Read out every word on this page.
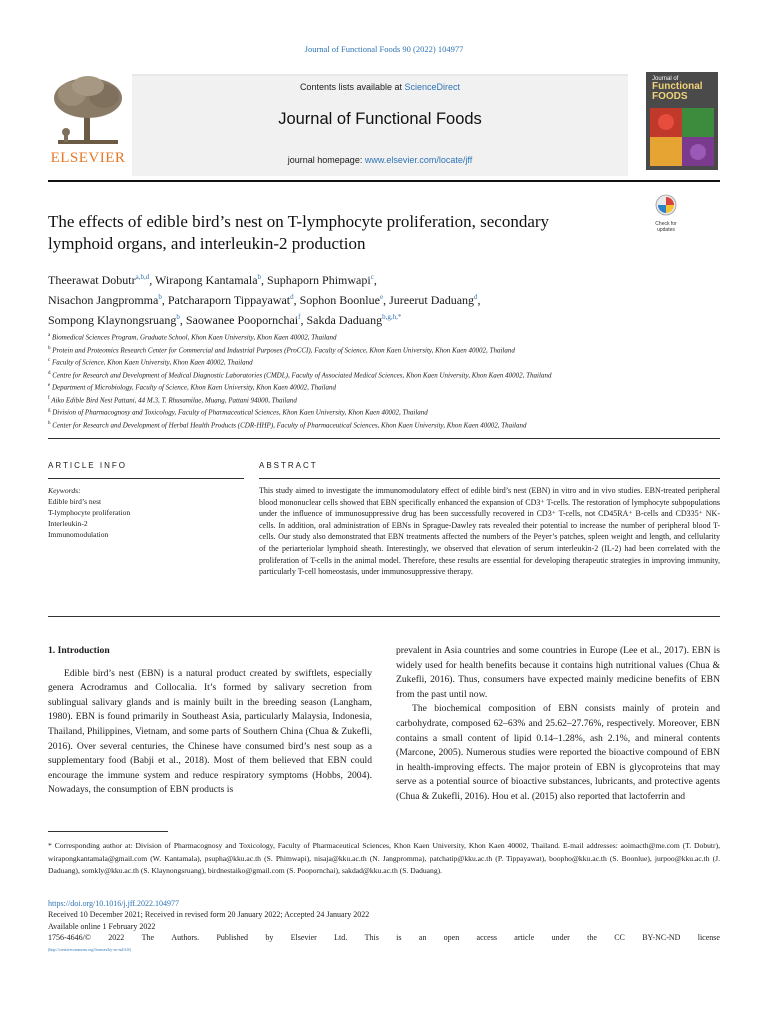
Journal of Functional Foods 90 (2022) 104977
ELSEVIER
Contents lists available at ScienceDirect
Journal of Functional Foods
journal homepage: www.elsevier.com/locate/jff
Journal of
Functional FOODS
The effects of edible bird’s nest on T-lymphocyte proliferation, secondary
lymphoid organs, and interleukin-2 production
Check for updates
Theerawat Dobutr$^{a,b,d}$, Wirapong Kantamala$^b$, Suphaporn Phimwapi$^c$,
Nisachon Jangpromma$^b$, Patcharaporn Tippayawat$^d$, Sophon Boonlue$^e$, Jureerut Daduang$^d$,
Sompong Klaynongsruang$^b$, Saowanee Poopornchai$^f$, Sakda Daduang$^{b,g,h,*}$
$^a$ Biomedical Sciences Program, Graduate School, Khon Kaen University, Khon Kaen 40002, Thailand
$^b$ Protein and Proteomics Research Center for Commercial and Industrial Purposes (ProCCI), Faculty of Science, Khon Kaen University, Khon Kaen 40002, Thailand
$^c$ Faculty of Science, Khon Kaen University, Khon Kaen 40002, Thailand
$^d$ Centre for Research and Development of Medical Diagnostic Laboratories (CMDL), Faculty of Associated Medical Sciences, Khon Kaen University, Khon Kaen 40002, Thailand
$^e$ Department of Microbiology, Faculty of Science, Khon Kaen University, Khon Kaen 40002, Thailand
$^f$ Aiko Edible Bird Nest Pattani, 44 M.3, T. Rhusamilae, Muang, Pattani 94000, Thailand
$^g$ Division of Pharmacognosy and Toxicology, Faculty of Pharmaceutical Sciences, Khon Kaen University, Khon Kaen 40002, Thailand
$^h$ Center for Research and Development of Herbal Health Products (CDR-HHP), Faculty of Pharmaceutical Sciences, Khon Kaen University, Khon Kaen 40002, Thailand
ARTICLE INFO	ABSTRACT
Keywords:
Edible bird’s nest
T-lymphocyte proliferation
Interleukin-2
Immunomodulation
This study aimed to investigate the immunomodulatory effect of edible bird’s nest (EBN) in vitro and in vivo studies. EBN-treated peripheral blood mononuclear cells showed that EBN specifically enhanced the expansion of CD3⁺ T-cells. The restoration of lymphocyte subpopulations under the influence of immunosuppressive drug has been successfully recovered in CD3⁺ T-cells, not CD45RA⁺ B-cells and CD335⁺ NK-cells. In addition, oral administration of EBNs in Sprague-Dawley rats revealed their potential to increase the number of peripheral blood T-cells. Our study also demonstrated that EBN treatments affected the numbers of the Peyer’s patches, spleen weight and length, and cellularity of the periarteriolar lymphoid sheath. Interestingly, we observed that elevation of serum interleukin-2 (IL-2) had been correlated with the proliferation of T-cells in the animal model. Therefore, these results are essential for developing therapeutic strategies in improving immunity, particularly T-cell homeostasis, under immunosuppressive therapy.
1. Introduction

Edible bird’s nest (EBN) is a natural product created by swiftlets, especially genera Acrodramus and Collocalia. It’s formed by salivary secretion from sublingual salivary glands and is mainly built in the breeding season (Langham, 1980). EBN is found primarily in Southeast Asia, particularly Malaysia, Indonesia, Thailand, Philippines, Vietnam, and some parts of Southern China (Chua & Zukefli, 2016). Over several centuries, the Chinese have consumed bird’s nest soup as a supplementary food (Babji et al., 2018). Most of them believed that EBN could encourage the immune system and reduce respiratory symptoms (Hobbs, 2004). Nowadays, the consumption of EBN products is

prevalent in Asia countries and some countries in Europe (Lee et al., 2017). EBN is widely used for health benefits because it contains high nutritional values (Chua & Zukefli, 2016). Thus, consumers have expected mainly medicine benefits of EBN from the past until now.

The biochemical composition of EBN consists mainly of protein and carbohydrate, composed 62–63% and 25.62–27.76%, respectively. Moreover, EBN contains a small content of lipid 0.14–1.28%, ash 2.1%, and mineral contents (Marcone, 2005). Numerous studies were reported the bioactive compound of EBN in health-improving effects. The major protein of EBN is glycoproteins that may serve as a potential source of bioactive substances, lubricants, and protective agents (Chua & Zukefli, 2016). Hou et al. (2015) also reported that lactoferrin and

* Corresponding author at: Division of Pharmacognosy and Toxicology, Faculty of Pharmaceutical Sciences, Khon Kaen University, Khon Kaen 40002, Thailand. E-mail addresses: aoimacth@me.com (T. Dobutr), wirapongkantamala@gmail.com (W. Kantamala), psupha@kku.ac.th (S. Phimwapi), nisaja@kku.ac.th (N. Jangpromma), patchatip@kku.ac.th (P. Tippayawat), boopho@kku.ac.th (S. Boonlue), jurpoo@kku.ac.th (J. Daduang), somkly@kku.ac.th (S. Klaynongsruang), birdnestaiko@gmail.com (S. Poopornchai), sakdad@kku.ac.th (S. Daduang).
https://doi.org/10.1016/j.jff.2022.104977
Received 10 December 2021; Received in revised form 20 January 2022; Accepted 24 January 2022
Available online 1 February 2022
1756-4646/© 2022 The Authors. Published by Elsevier Ltd. This is an open access article under the CC BY-NC-ND license
(http://creativecommons.org/licenses/by-nc-nd/4.0/)
